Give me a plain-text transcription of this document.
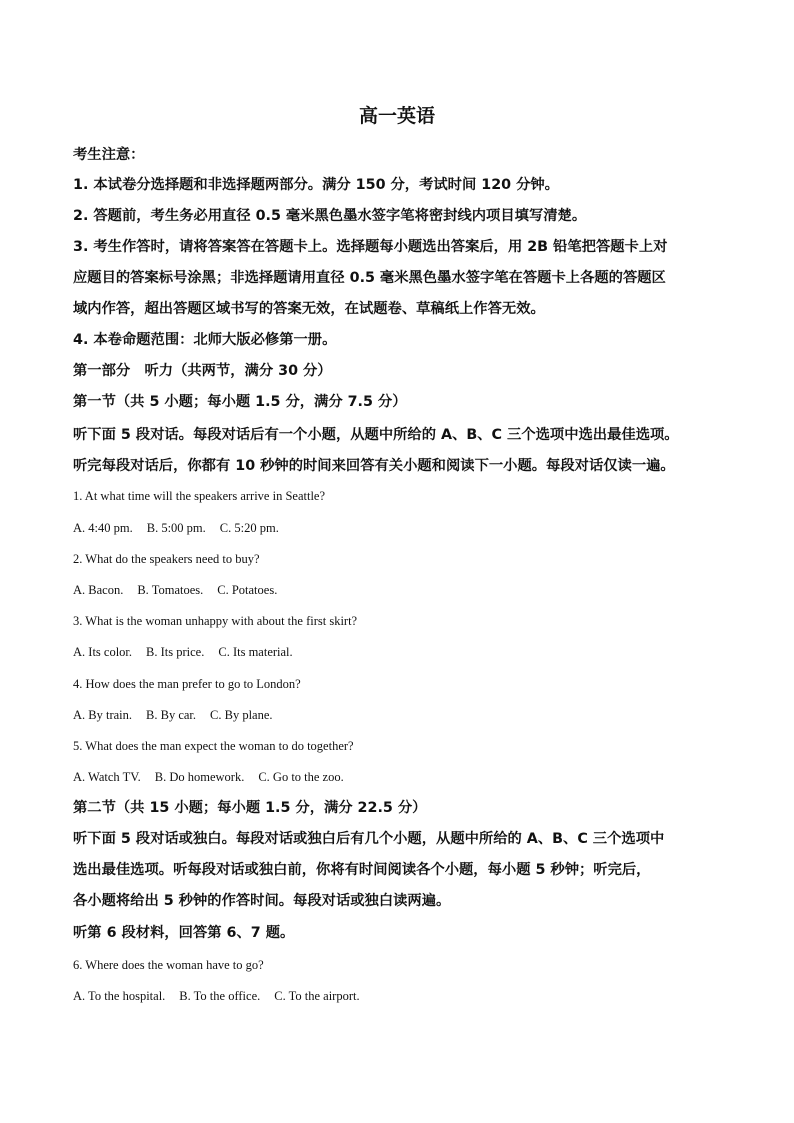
高一英语
考生注意：
1. 本试卷分选择题和非选择题两部分。满分 150 分，考试时间 120 分钟。
2. 答题前，考生务必用直径 0.5 毫米黑色墨水签字笔将密封线内项目填写清楚。
3. 考生作答时，请将答案答在答题卡上。选择题每小题选出答案后，用 2B 铅笔把答题卡上对
应题目的答案标号涂黑；非选择题请用直径 0.5 毫米黑色墨水签字笔在答题卡上各题的答题区
域内作答，超出答题区域书写的答案无效，在试题卷、草稿纸上作答无效。
4. 本卷命题范围：北师大版必修第一册。
第一部分　听力（共两节，满分 30 分）
第一节（共 5 小题；每小题 1.5 分，满分 7.5 分）
听下面 5 段对话。每段对话后有一个小题，从题中所给的 A、B、C 三个选项中选出最佳选项。
听完每段对话后，你都有 10 秒钟的时间来回答有关小题和阅读下一小题。每段对话仅读一遍。
1. At what time will the speakers arrive in Seattle?
A. 4:40 pm. B. 5:00 pm. C. 5:20 pm.
2. What do the speakers need to buy?
A. Bacon. B. Tomatoes. C. Potatoes.
3. What is the woman unhappy with about the first skirt?
A. Its color. B. Its price. C. Its material.
4. How does the man prefer to go to London?
A. By train. B. By car. C. By plane.
5. What does the man expect the woman to do together?
A. Watch TV. B. Do homework. C. Go to the zoo.
第二节（共 15 小题；每小题 1.5 分，满分 22.5 分）
听下面 5 段对话或独白。每段对话或独白后有几个小题，从题中所给的 A、B、C 三个选项中
选出最佳选项。听每段对话或独白前，你将有时间阅读各个小题，每小题 5 秒钟；听完后，
各小题将给出 5 秒钟的作答时间。每段对话或独白读两遍。
听第 6 段材料，回答第 6、7 题。
6. Where does the woman have to go?
A. To the hospital. B. To the office. C. To the airport.
